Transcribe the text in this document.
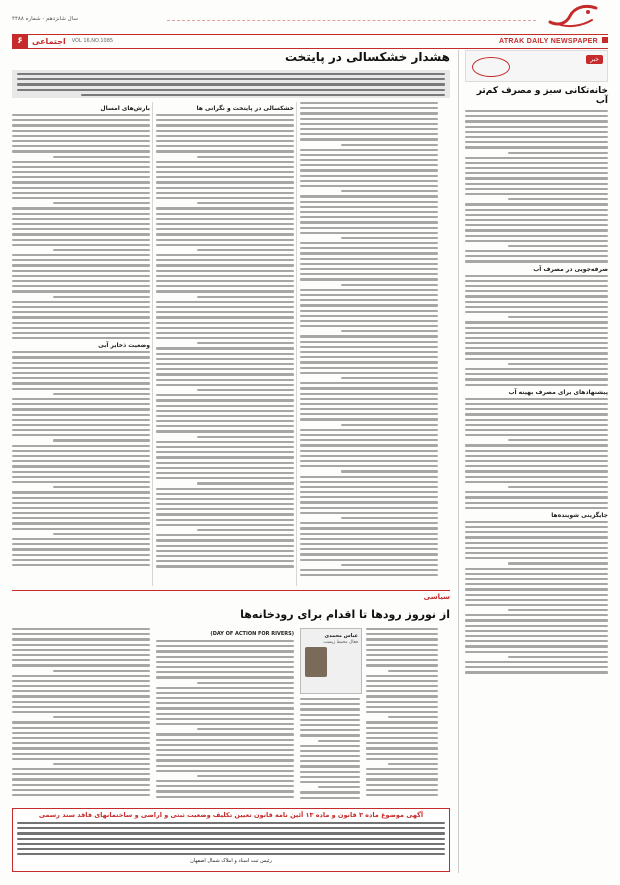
سال شانزدهم - شماره ۴۴۸۸
۶	اجتماعی VOL 16,NO.1085	ATRAK DAILY NEWSPAPER
هشدار خشکسالی در پایتخت
خشکسالی در پایتخت و نگرانی ها
بارش‌های امسال
وضعیت ذخایر آبی
خبر
خانه‌تکانی سبز و مصرف کم‌تر آب
صرفه‌جویی در مصرف آب
پیشنهادهای برای مصرف بهینه آب
جایگزینی شوینده‌ها
سیاسی
از نوروز رودها تا اقدام برای رودخانه‌ها
عباس محمدی
فعال محیط زیست
(DAY OF ACTION FOR RIVERS)
آگهی موضوع ماده ۳ قانون و ماده ۱۳ آئین نامه قانون تعیین تکلیف وضعیت ثبتی و اراضی و ساختمانهای فاقد سند رسمی
رئیس ثبت اسناد و املاک شمال اصفهان
